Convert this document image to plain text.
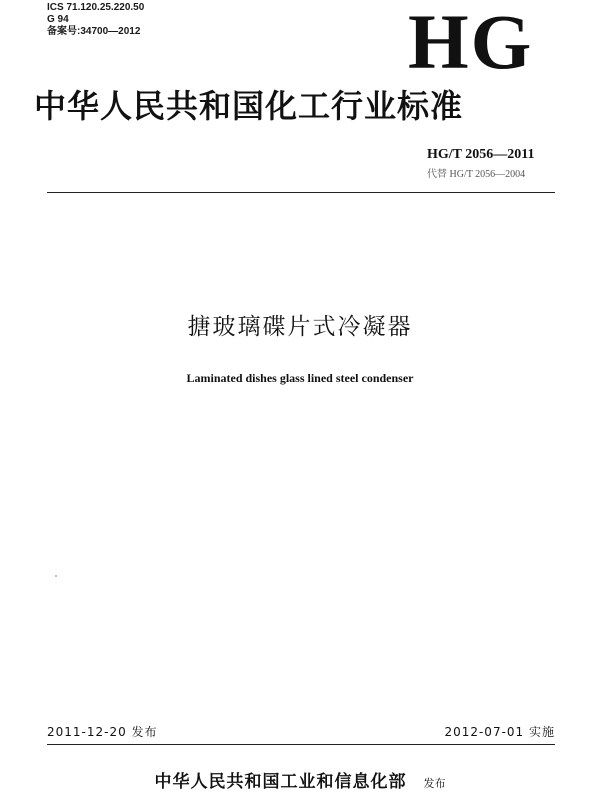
ICS 71.120.25.220.50
G 94
备案号:34700—2012	HG
中华人民共和国化工行业标准
HG/T 2056—2011
代替 HG/T 2056—2004
搪玻璃碟片式冷凝器
Laminated dishes glass lined steel condenser
2011-12-20 发布	2012-07-01 实施
中华人民共和国工业和信息化部 发布
